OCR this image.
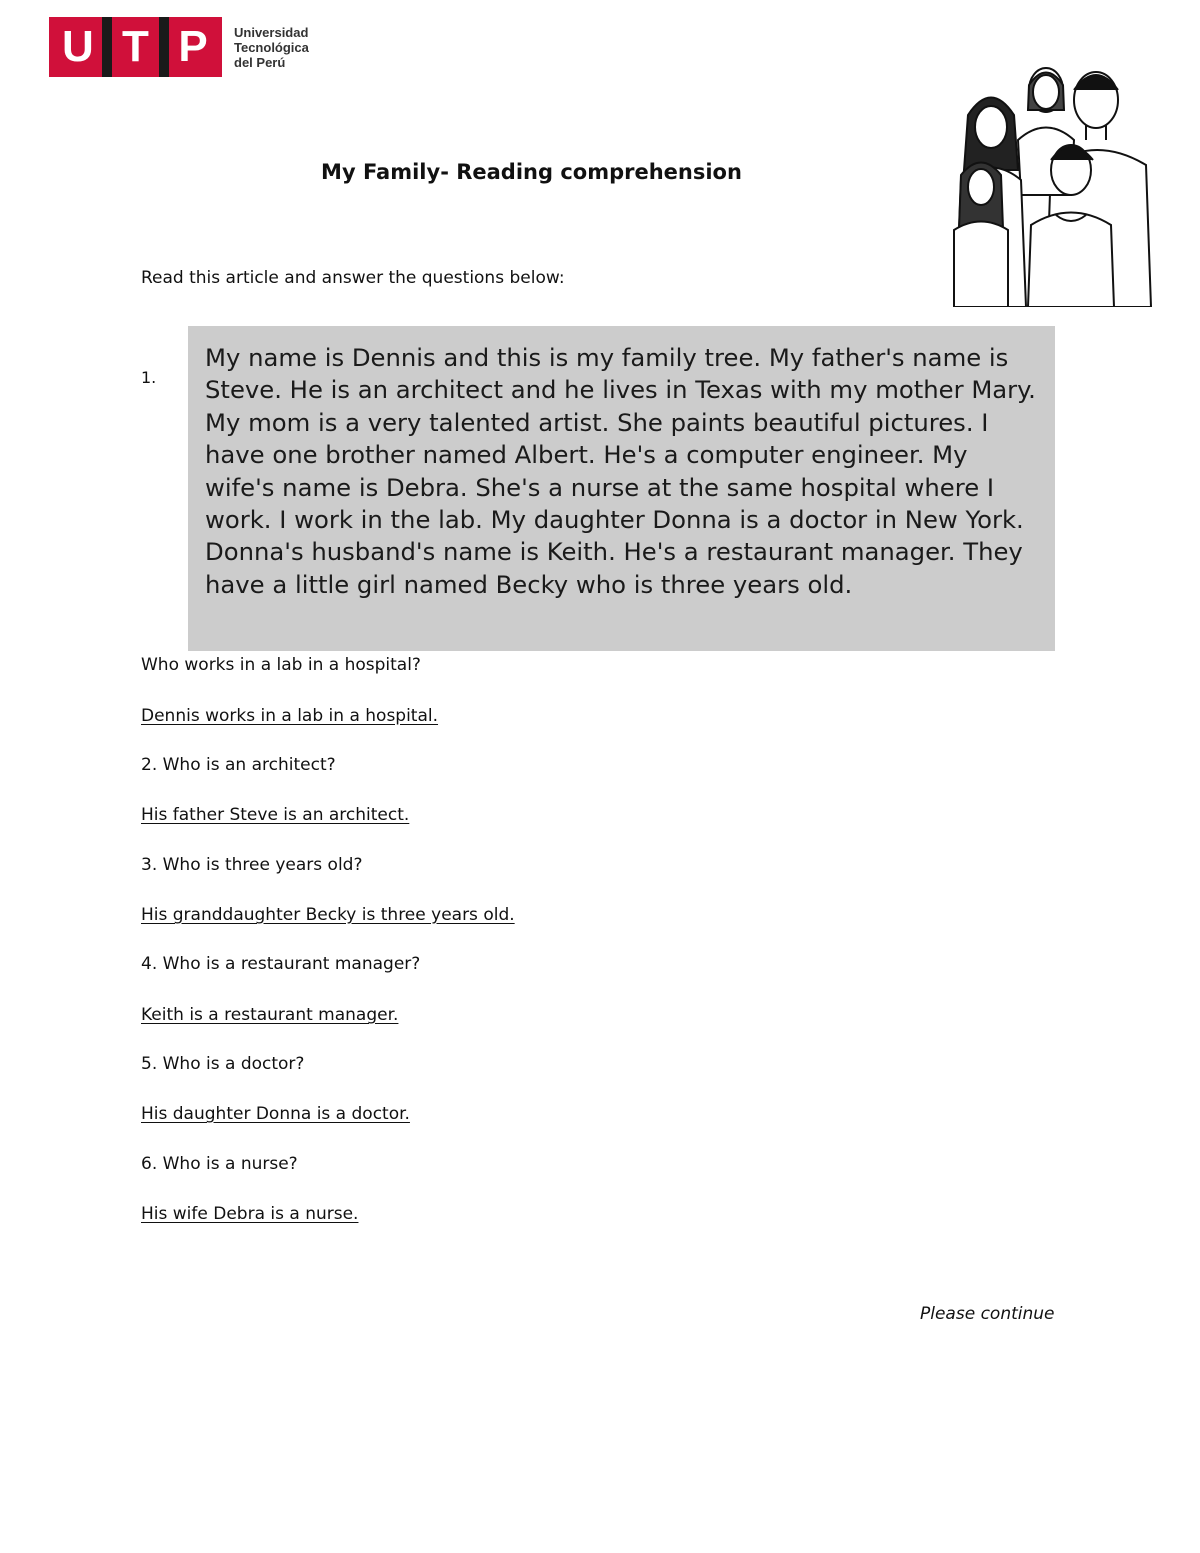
U T P	Universidad
Tecnológica
del Perú
My Family- Reading comprehension
Read this article and answer the questions below:
1.
My name is Dennis and this is my family tree. My father's name is Steve. He is an architect and he lives in Texas with my mother Mary. My mom is a very talented artist. She paints beautiful pictures. I have one brother named Albert. He's a computer engineer. My wife's name is Debra. She's a nurse at the same hospital where I work. I work in the lab. My daughter Donna is a doctor in New York. Donna's husband's name is Keith. He's a restaurant manager. They have a little girl named Becky who is three years old.
Who works in a lab in a hospital?
Dennis works in a lab in a hospital.
2. Who is an architect?
His father Steve is an architect.
3. Who is three years old?
His granddaughter Becky is three years old.
4. Who is a restaurant manager?
Keith is a restaurant manager.
5. Who is a doctor?
His daughter Donna is a doctor.
6. Who is a nurse?
His wife Debra is a nurse.
Please continue
